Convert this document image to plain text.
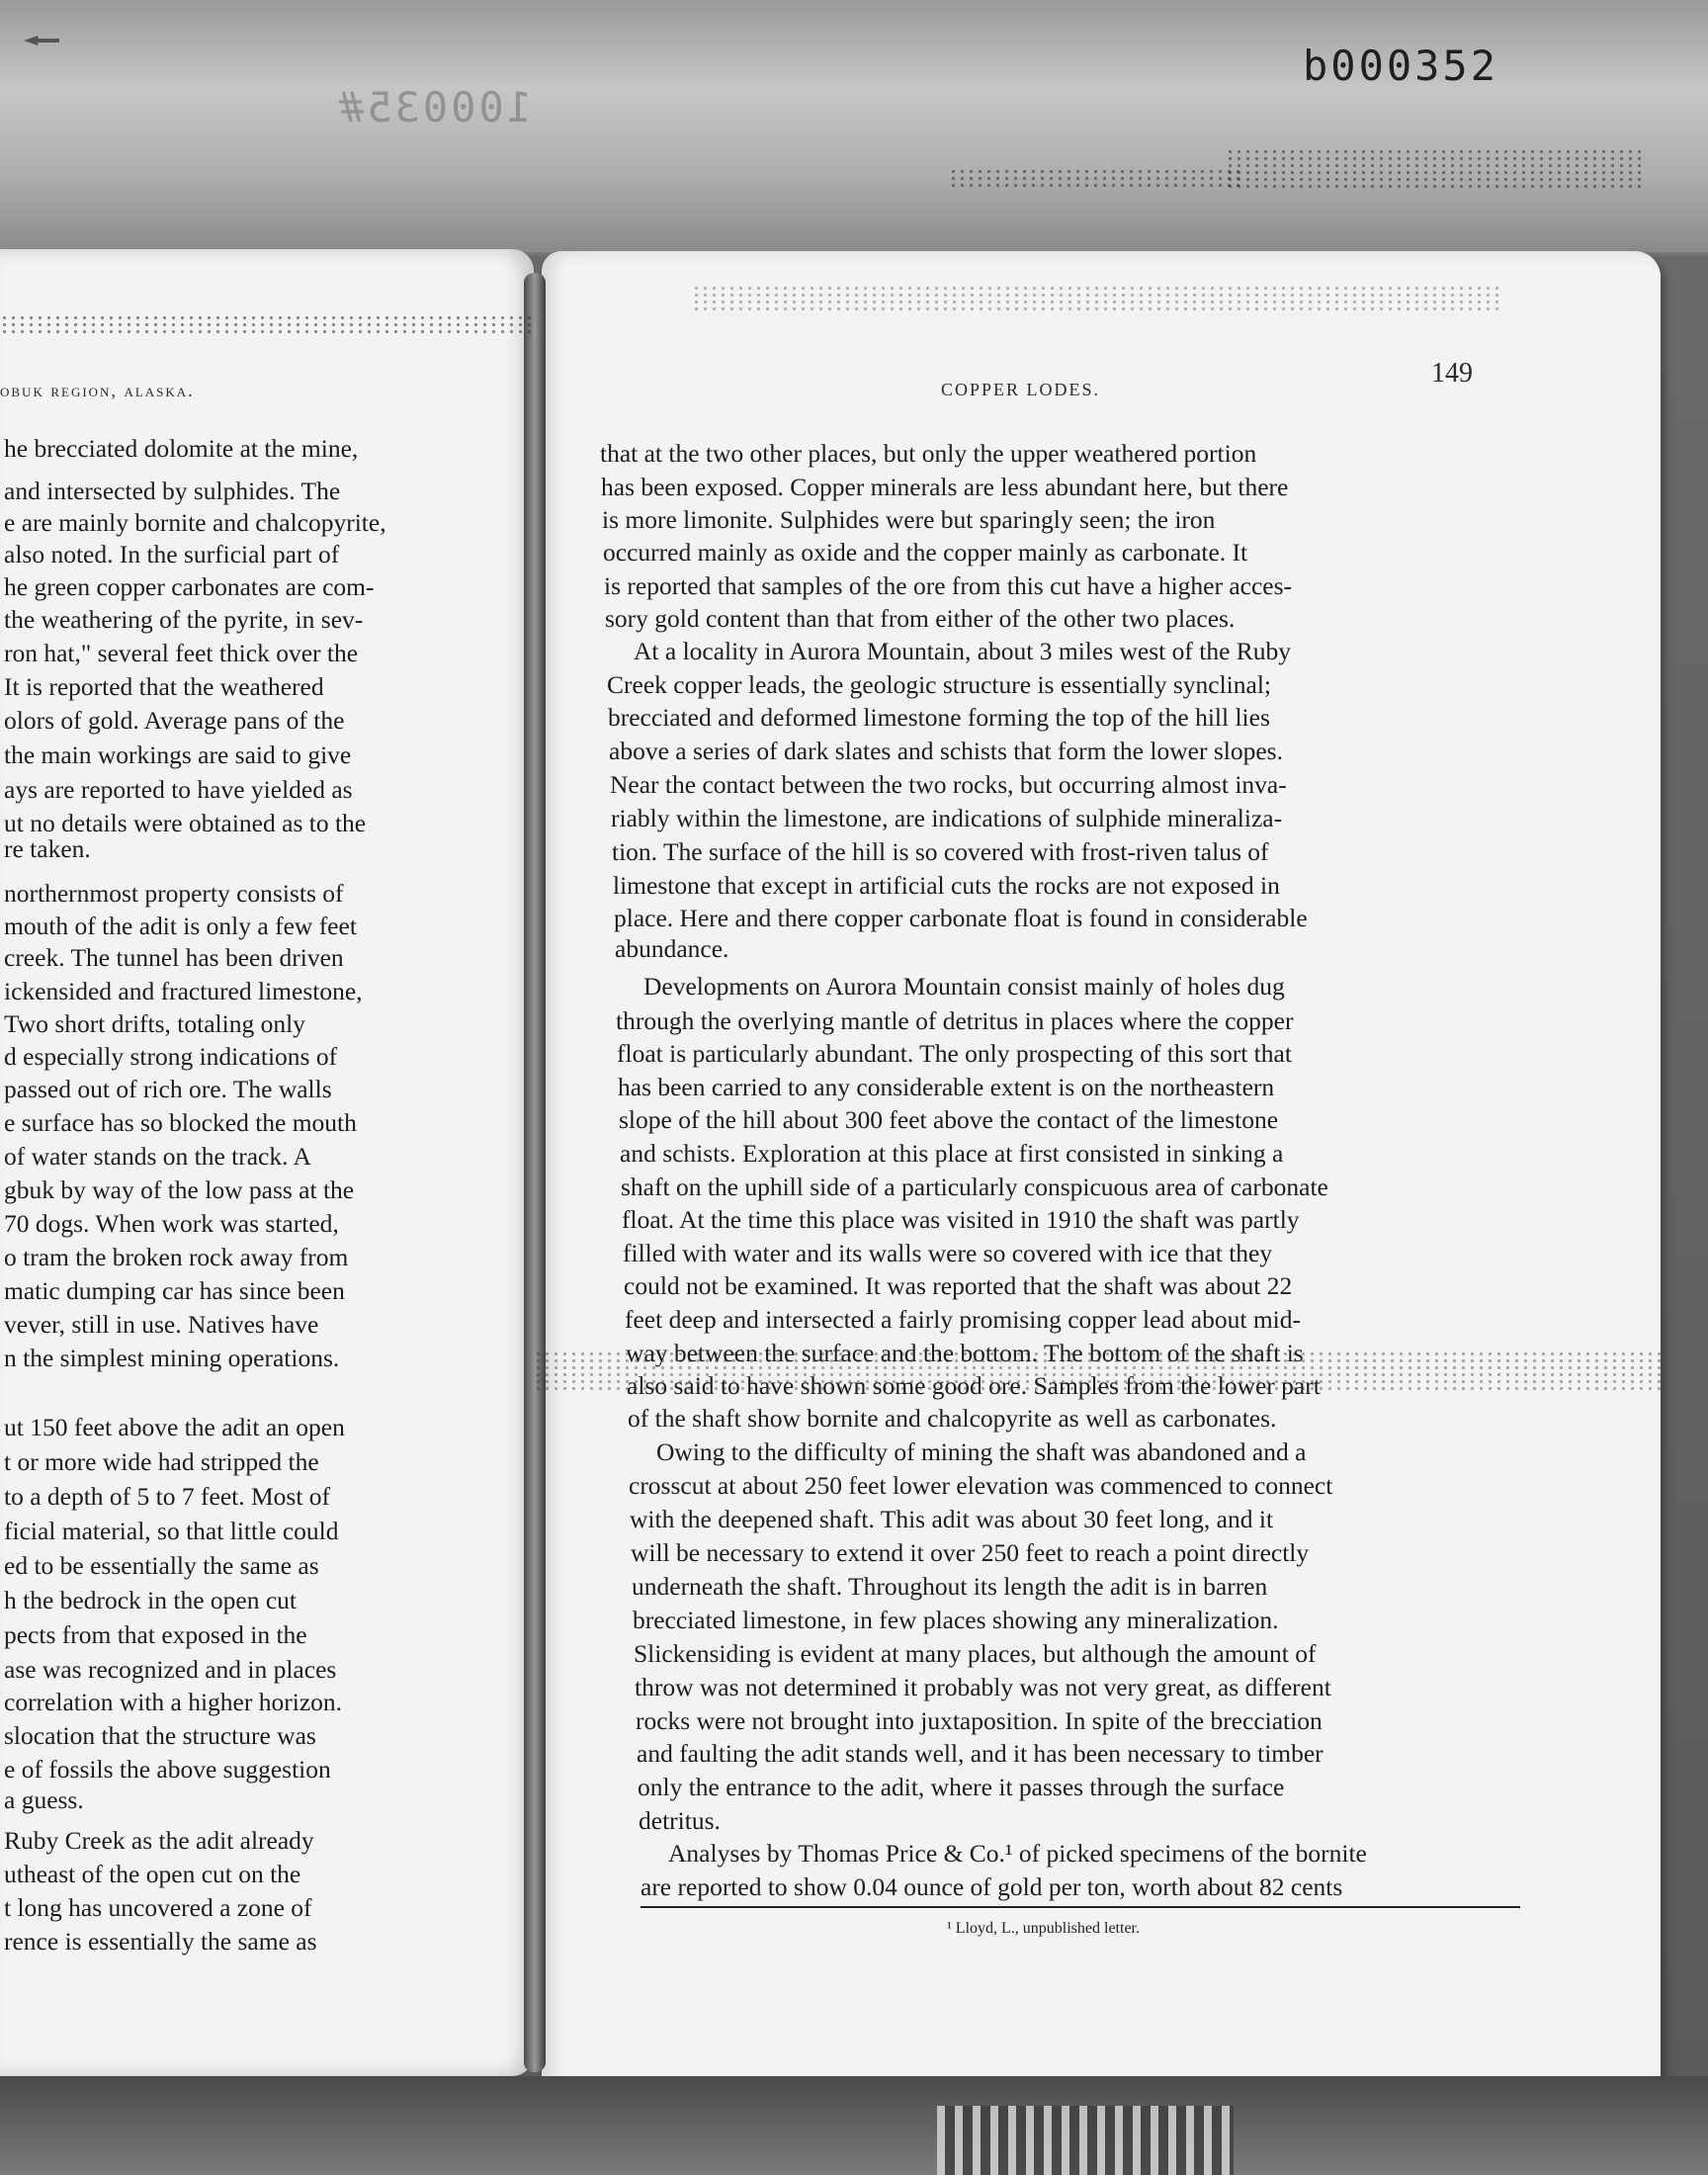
100035#
b000352
obuk region, alaska.	COPPER LODES.
149
he brecciated dolomite at the mine,
and intersected by sulphides. The
e are mainly bornite and chalcopyrite,
also noted. In the surficial part of
he green copper carbonates are com-
the weathering of the pyrite, in sev-
ron hat," several feet thick over the
It is reported that the weathered
olors of gold. Average pans of the
the main workings are said to give
ays are reported to have yielded as
ut no details were obtained as to the
re taken.
northernmost property consists of
mouth of the adit is only a few feet
creek. The tunnel has been driven
ickensided and fractured limestone,
Two short drifts, totaling only
d especially strong indications of
passed out of rich ore. The walls
e surface has so blocked the mouth
of water stands on the track. A
gbuk by way of the low pass at the
70 dogs. When work was started,
o tram the broken rock away from
matic dumping car has since been
vever, still in use. Natives have
n the simplest mining operations.
ut 150 feet above the adit an open
t or more wide had stripped the
to a depth of 5 to 7 feet. Most of
ficial material, so that little could
ed to be essentially the same as
h the bedrock in the open cut
pects from that exposed in the
ase was recognized and in places
correlation with a higher horizon.
slocation that the structure was
e of fossils the above suggestion
a guess.
Ruby Creek as the adit already
utheast of the open cut on the
t long has uncovered a zone of
rence is essentially the same as
that at the two other places, but only the upper weathered portion
has been exposed. Copper minerals are less abundant here, but there
is more limonite. Sulphides were but sparingly seen; the iron
occurred mainly as oxide and the copper mainly as carbonate. It
is reported that samples of the ore from this cut have a higher acces-
sory gold content than that from either of the other two places.
At a locality in Aurora Mountain, about 3 miles west of the Ruby
Creek copper leads, the geologic structure is essentially synclinal;
brecciated and deformed limestone forming the top of the hill lies
above a series of dark slates and schists that form the lower slopes.
Near the contact between the two rocks, but occurring almost inva-
riably within the limestone, are indications of sulphide mineraliza-
tion. The surface of the hill is so covered with frost-riven talus of
limestone that except in artificial cuts the rocks are not exposed in
place. Here and there copper carbonate float is found in considerable
abundance.
Developments on Aurora Mountain consist mainly of holes dug
through the overlying mantle of detritus in places where the copper
float is particularly abundant. The only prospecting of this sort that
has been carried to any considerable extent is on the northeastern
slope of the hill about 300 feet above the contact of the limestone
and schists. Exploration at this place at first consisted in sinking a
shaft on the uphill side of a particularly conspicuous area of carbonate
float. At the time this place was visited in 1910 the shaft was partly
filled with water and its walls were so covered with ice that they
could not be examined. It was reported that the shaft was about 22
feet deep and intersected a fairly promising copper lead about mid-
way between the surface and the bottom. The bottom of the shaft is
also said to have shown some good ore. Samples from the lower part
of the shaft show bornite and chalcopyrite as well as carbonates.
Owing to the difficulty of mining the shaft was abandoned and a
crosscut at about 250 feet lower elevation was commenced to connect
with the deepened shaft. This adit was about 30 feet long, and it
will be necessary to extend it over 250 feet to reach a point directly
underneath the shaft. Throughout its length the adit is in barren
brecciated limestone, in few places showing any mineralization.
Slickensiding is evident at many places, but although the amount of
throw was not determined it probably was not very great, as different
rocks were not brought into juxtaposition. In spite of the brecciation
and faulting the adit stands well, and it has been necessary to timber
only the entrance to the adit, where it passes through the surface
detritus.
Analyses by Thomas Price & Co.¹ of picked specimens of the bornite
are reported to show 0.04 ounce of gold per ton, worth about 82 cents
¹ Lloyd, L., unpublished letter.
